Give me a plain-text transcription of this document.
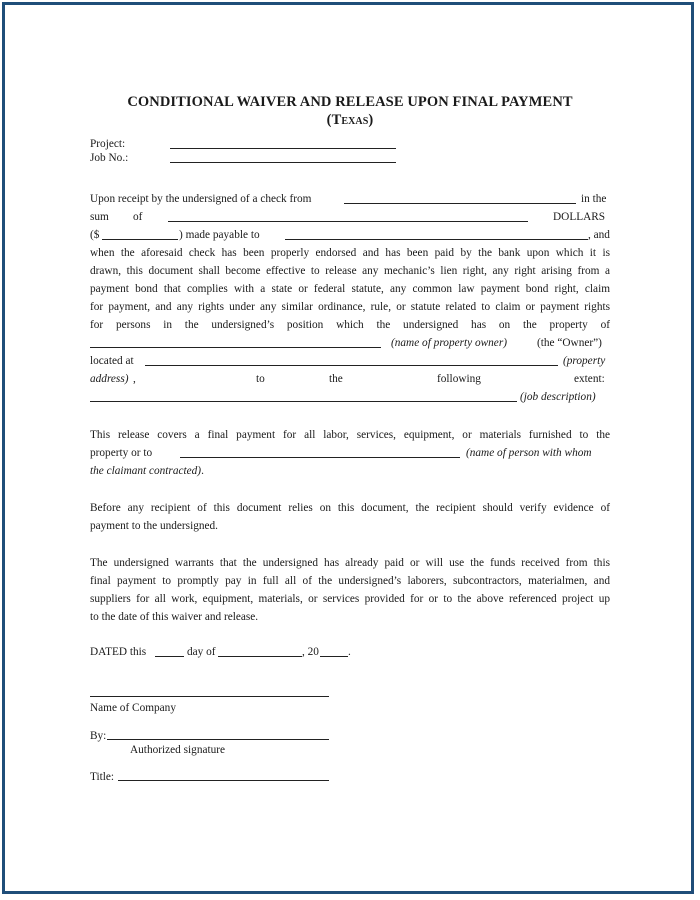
CONDITIONAL WAIVER AND RELEASE UPON FINAL PAYMENT
(Texas)
Project:
Job No.:
Upon receipt by the undersigned of a check from	in the
sum of	DOLLARS
($	) made payable to	, and
when the aforesaid check has been properly endorsed and has been paid by the bank upon which it is
drawn, this document shall become effective to release any mechanic’s lien right, any right arising from a
payment bond that complies with a state or federal statute, any common law payment bond right, claim
for payment, and any rights under any similar ordinance, rule, or statute related to claim or payment rights
for persons in the undersigned’s position which the undersigned has on the property of
(name of property owner)	(the “Owner”)
located at	(property
address) ,	to	the	following	extent:
(job description)
This release covers a final payment for all labor, services, equipment, or materials furnished to the
property or to	(name of person with whom
the claimant contracted).
Before any recipient of this document relies on this document, the recipient should verify evidence of
payment to the undersigned.
The undersigned warrants that the undersigned has already paid or will use the funds received from this
final payment to promptly pay in full all of the undersigned’s laborers, subcontractors, materialmen, and
suppliers for all work, equipment, materials, or services provided for or to the above referenced project up
to the date of this waiver and release.
DATED this	day of	, 20	.
Name of Company
By:
Authorized signature
Title:
